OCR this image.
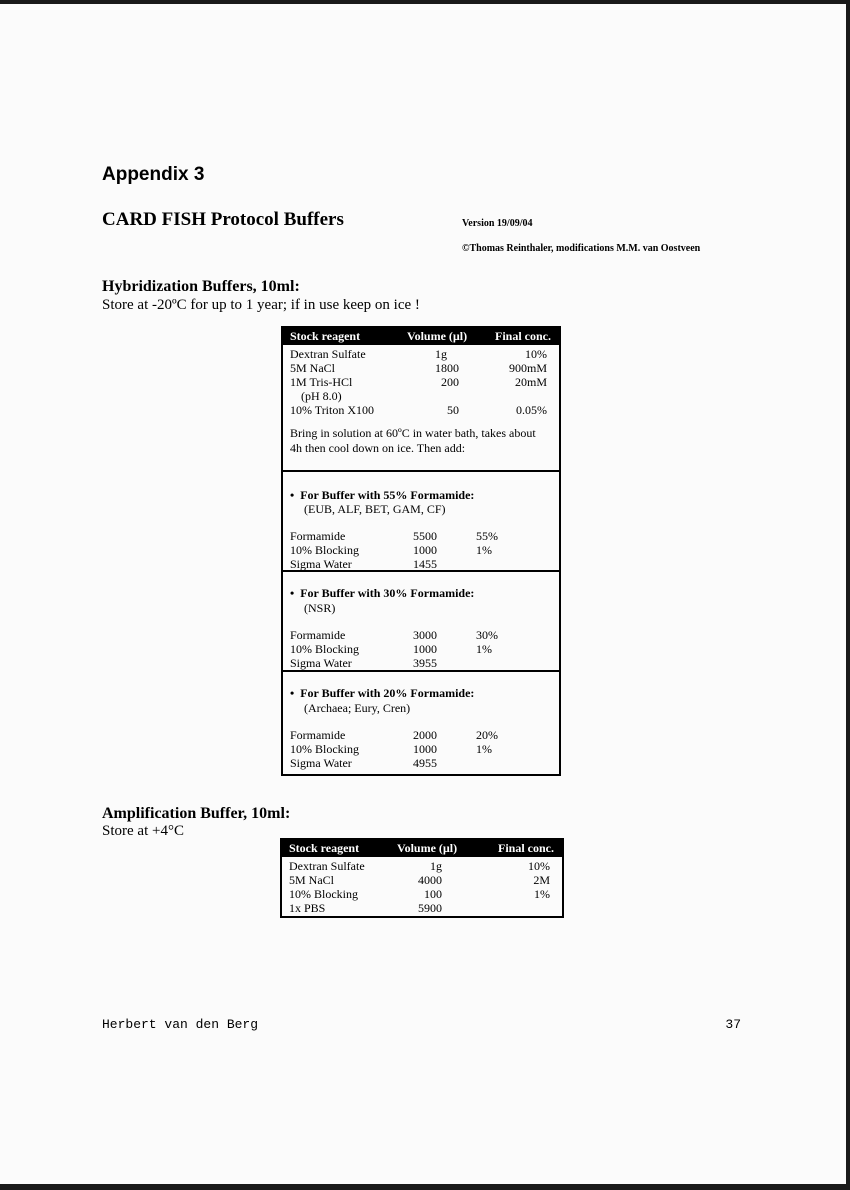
Appendix 3
CARD FISH Protocol Buffers	Version 19/09/04
©Thomas Reinthaler, modifications M.M. van Oostveen
Hybridization Buffers, 10ml:
Store at -20ºC for up to 1 year; if in use keep on ice !
Stock reagent	Volume (µl) Final conc.
Dextran Sulfate	1g	10%
5M NaCl	1800	900mM
1M Tris-HCl	200	20mM
(pH 8.0)
10% Triton X100	50	0.05%
Bring in solution at 60ºC in water bath, takes about
4h then cool down on ice. Then add:
•  For Buffer with 55% Formamide:
(EUB, ALF, BET, GAM, CF)
Formamide	5500	55%
10% Blocking	1000	1%
Sigma Water	1455
•  For Buffer with 30% Formamide:
(NSR)
Formamide	3000	30%
10% Blocking	1000	1%
Sigma Water	3955
•  For Buffer with 20% Formamide:
(Archaea; Eury, Cren)
Formamide	2000	20%
10% Blocking	1000	1%
Sigma Water	4955
Amplification Buffer, 10ml:
Store at +4°C
Stock reagent	Volume (µl)	Final conc.
Dextran Sulfate	1g	10%
5M NaCl	4000	2M
10% Blocking	100	1%
1x PBS	5900
Herbert van den Berg	37
